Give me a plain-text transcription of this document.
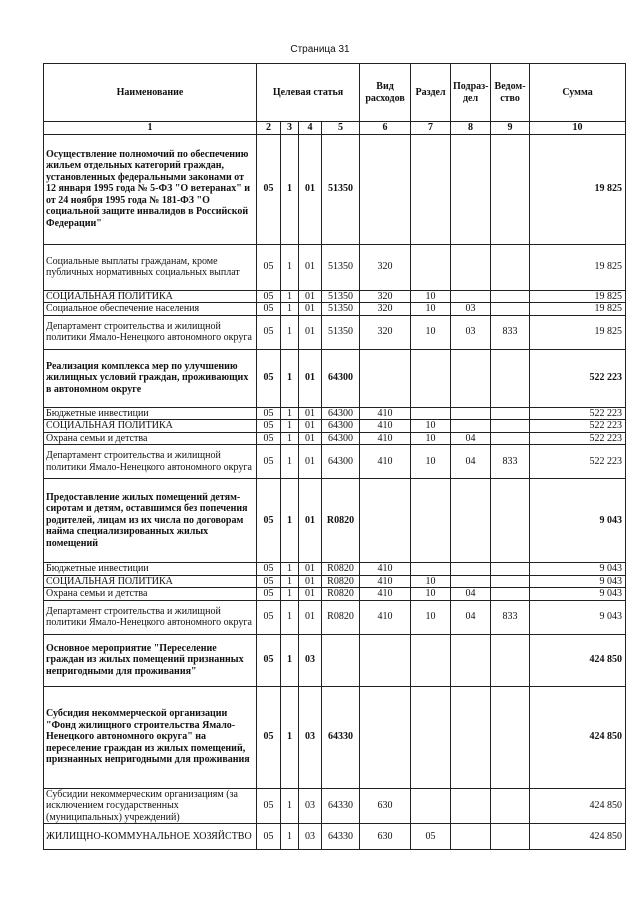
Страница 31
Наименование	Целевая статья				Вид расходов	Раздел	Подраз-дел	Ведом-ство	Сумма
1	2	3	4	5	6	7	8	9	10
Осуществление полномочий по обеспечению жильем отдельных категорий граждан, установленных федеральными законами от 12 января 1995 года № 5-ФЗ "О ветеранах" и от 24 ноября 1995 года № 181-ФЗ "О социальной защите инвалидов в Российской Федерации"	05	1	01	51350					19 825
Социальные выплаты гражданам, кроме публичных нормативных социальных выплат	05	1	01	51350	320				19 825
СОЦИАЛЬНАЯ ПОЛИТИКА	05	1	01	51350	320	10			19 825
Социальное обеспечение населения	05	1	01	51350	320	10	03		19 825
Департамент строительства и жилищной политики Ямало-Ненецкого автономного округа	05	1	01	51350	320	10	03	833	19 825
Реализация комплекса мер по улучшению жилищных условий граждан, проживающих в автономном округе	05	1	01	64300					522 223
Бюджетные инвестиции	05	1	01	64300	410				522 223
СОЦИАЛЬНАЯ ПОЛИТИКА	05	1	01	64300	410	10			522 223
Охрана семьи и детства	05	1	01	64300	410	10	04		522 223
Департамент строительства и жилищной политики Ямало-Ненецкого автономного округа	05	1	01	64300	410	10	04	833	522 223
Предоставление жилых помещений детям-сиротам и детям, оставшимся без попечения родителей, лицам из их числа по договорам найма специализированных жилых помещений	05	1	01	R0820					9 043
Бюджетные инвестиции	05	1	01	R0820	410				9 043
СОЦИАЛЬНАЯ ПОЛИТИКА	05	1	01	R0820	410	10			9 043
Охрана семьи и детства	05	1	01	R0820	410	10	04		9 043
Департамент строительства и жилищной политики Ямало-Ненецкого автономного округа	05	1	01	R0820	410	10	04	833	9 043
Основное мероприятие "Переселение граждан из жилых помещений признанных непригодными для проживания"	05	1	03						424 850
Субсидия некоммерческой организации "Фонд жилищного строительства Ямало-Ненецкого автономного округа" на переселение граждан из жилых помещений, признанных непригодными для проживания	05	1	03	64330					424 850
Субсидии некоммерческим организациям (за исключением государственных (муниципальных) учреждений)	05	1	03	64330	630				424 850
ЖИЛИЩНО-КОММУНАЛЬНОЕ ХОЗЯЙСТВО	05	1	03	64330	630	05			424 850
